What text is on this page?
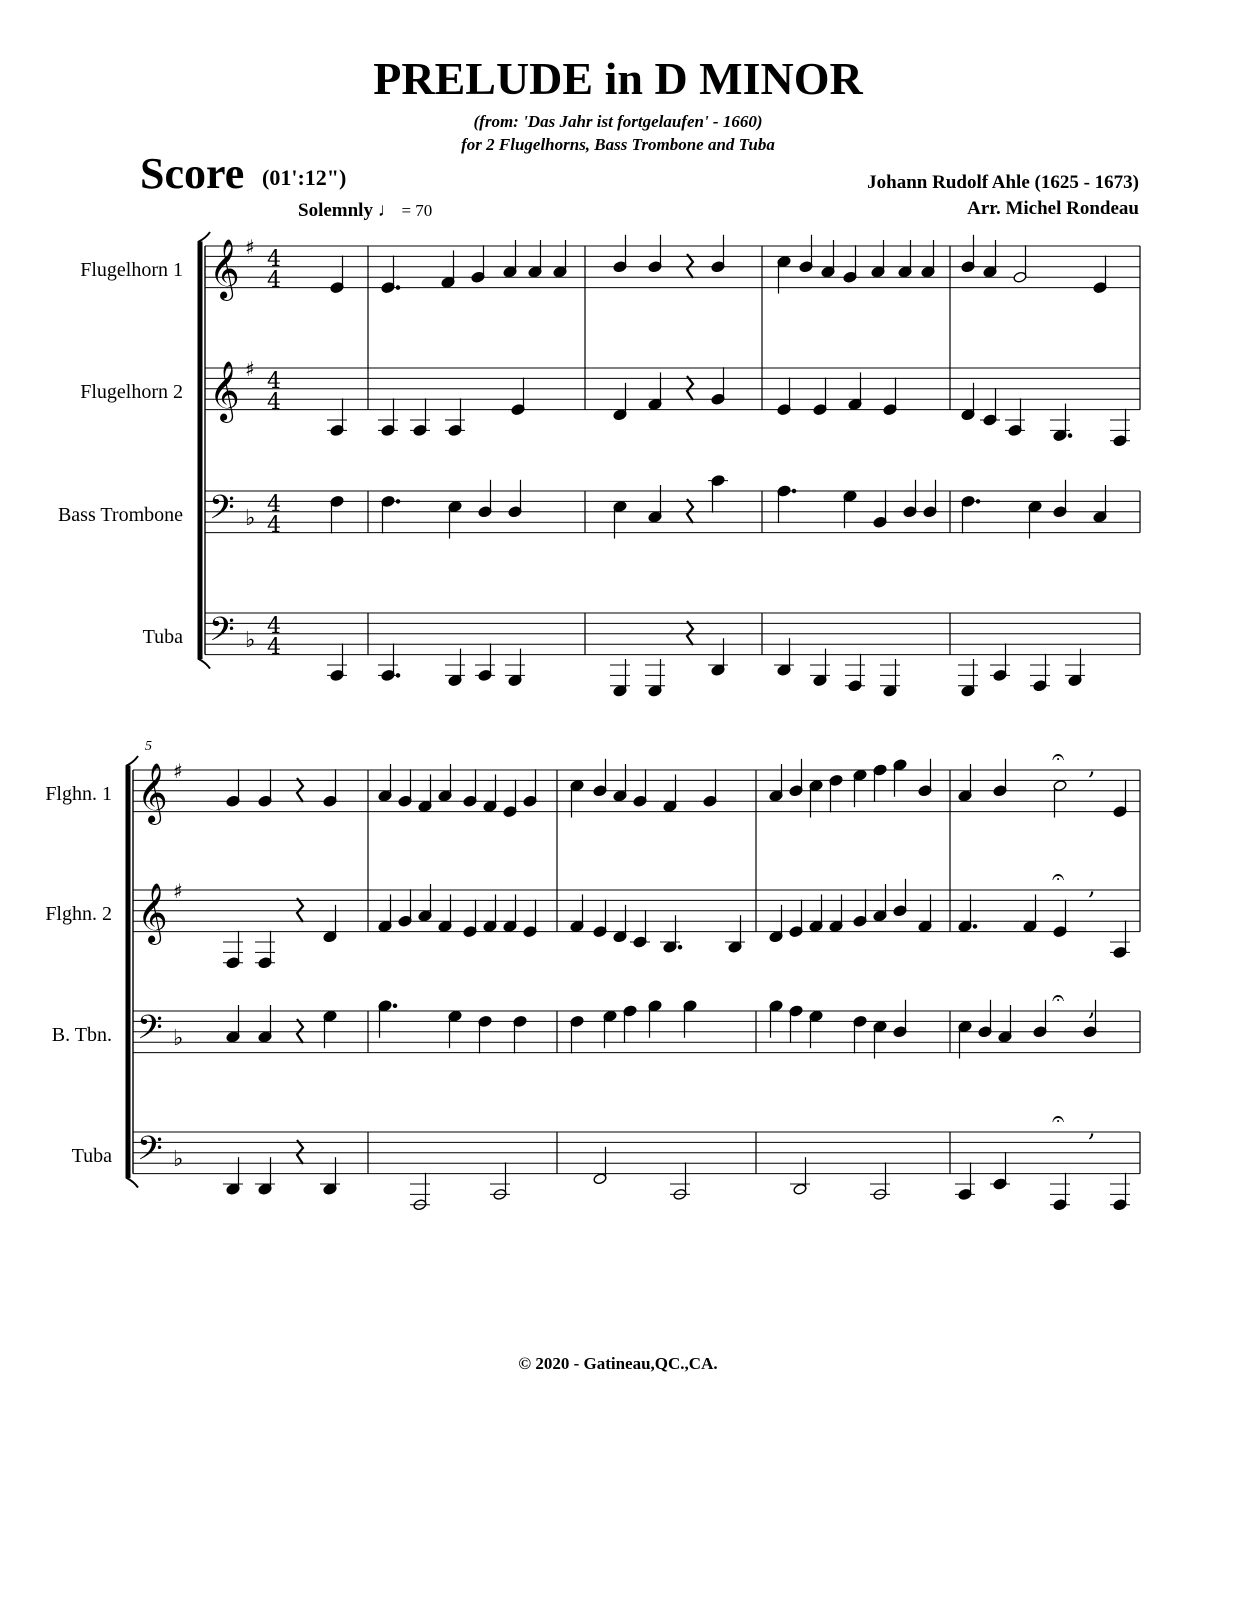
PRELUDE in D MINOR
(from: 'Das Jahr ist fortgelaufen' - 1660)
for 2 Flugelhorns, Bass Trombone and Tuba
Score (01':12")	Johann Rudolf Ahle (1625 - 1673)
Arr. Michel Rondeau
Solemnly ♩ = 70
Flugelhorn 1
Flugelhorn 2
Bass Trombone
Tuba
Flghn. 1
Flghn. 2
B. Tbn.
Tuba
𝄞 ♯ 4
4
𝄞 ♯ 4
4
𝄢 ♭
4
4
𝄢 ♭
4
4
𝄞 ♯
𝄞 ♯
𝄢 ♭
𝄢 ♭
𝄐 ,
𝄐 ,
𝄐 ,
𝄐 ,
5
© 2020 - Gatineau,QC.,CA.
